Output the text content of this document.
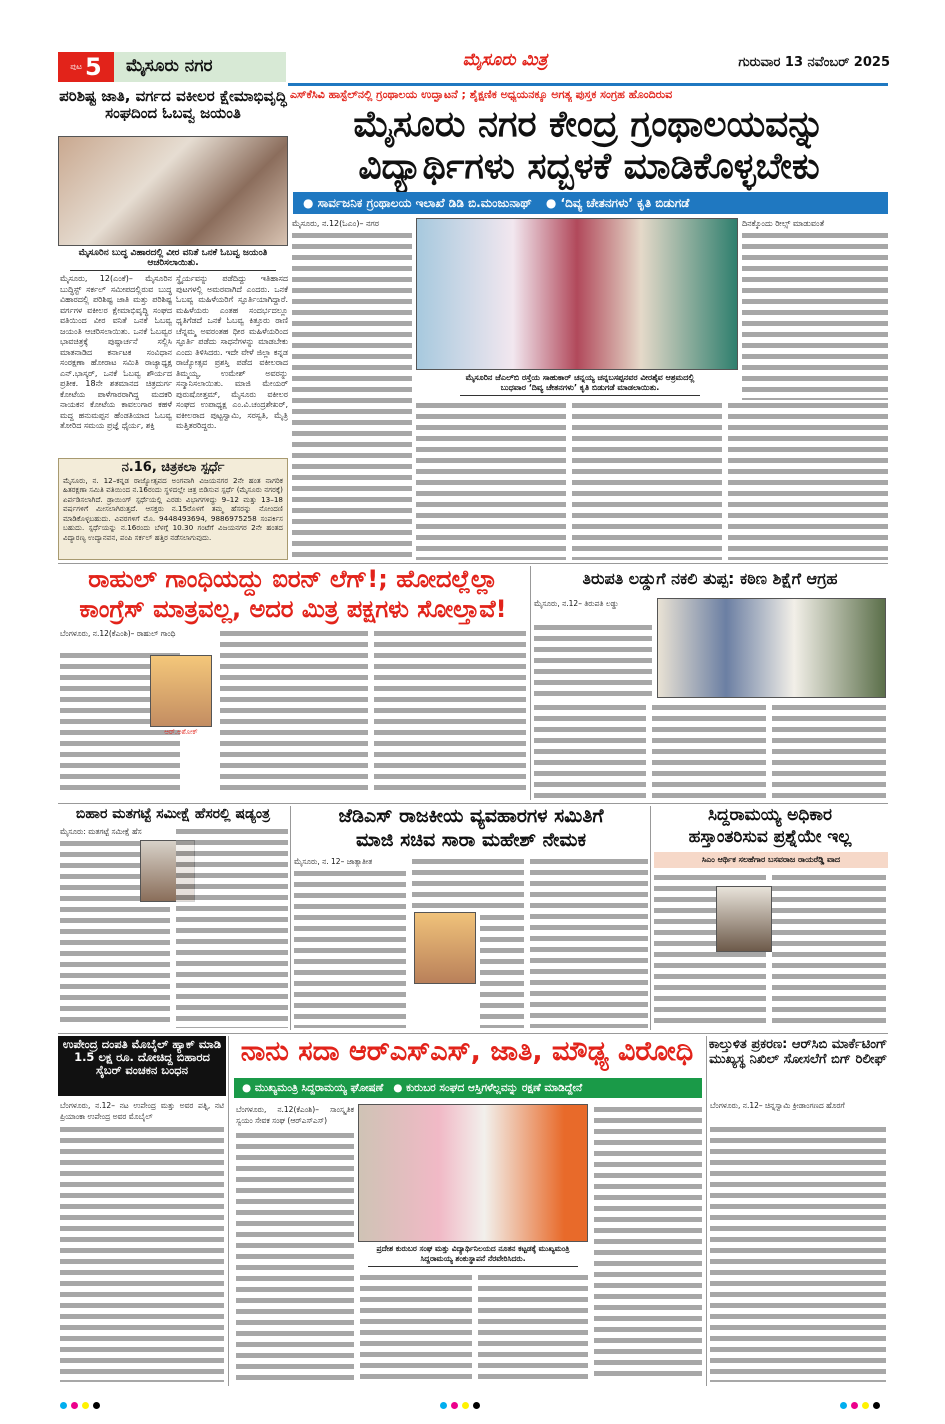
ಪುಟ 5	ಮೈಸೂರು ನಗರ	ಮೈಸೂರು ಮಿತ್ರ	ಗುರುವಾರ 13 ನವೆಂಬರ್ 2025
ಪರಿಶಿಷ್ಟ ಜಾತಿ, ವರ್ಗದ ವಕೀಲರ ಕ್ಷೇಮಾಭಿವೃದ್ಧಿ ಸಂಘದಿಂದ ಓಬವ್ವ ಜಯಂತಿ
ಮೈಸೂರಿನ ಬುದ್ಧ ವಿಹಾರದಲ್ಲಿ ವೀರ ವನಿತೆ ಒನಕೆ ಓಬವ್ವ ಜಯಂತಿ ಆಚರಿಸಲಾಯಿತು.
ಮೈಸೂರು, 12(ಎಂಕೆ)– ಮೈಸೂರಿನ ಬುದ್ಧಿಸ್ಟ್ ಸರ್ಕಲ್ ಸಮೀಪದಲ್ಲಿರುವ ಬುದ್ಧ ವಿಹಾರದಲ್ಲಿ ಪರಿಶಿಷ್ಟ ಜಾತಿ ಮತ್ತು ಪರಿಶಿಷ್ಟ ವರ್ಗಗಳ ವಕೀಲರ ಕ್ಷೇಮಾಭಿವೃದ್ಧಿ ಸಂಘದ ವತಿಯಿಂದ ವೀರ ವನಿತೆ ಒನಕೆ ಓಬವ್ವ ಜಯಂತಿ ಆಚರಿಸಲಾಯಿತು. ಒನಕೆ ಓಬವ್ವರ ಭಾವಚಿತ್ರಕ್ಕೆ ಪುಷ್ಪಾರ್ಚನೆ ಸಲ್ಲಿಸಿ ಮಾತನಾಡಿದ ಕರ್ನಾಟಕ ಸಂವಿಧಾನ ಸಂರಕ್ಷಣಾ ಹೋರಾಟ ಸಮಿತಿ ರಾಜ್ಯಾಧ್ಯಕ್ಷ ಎನ್.ಭಾಸ್ಕರ್, ಒನಕೆ ಓಬವ್ವ ಶೌರ್ಯದ ಪ್ರತೀಕ. 18ನೇ ಶತಮಾನದ ಚಿತ್ರದುರ್ಗ ಕೋಟೆಯ ಪಾಳೆಗಾರರಾಗಿದ್ದ ಮದಕರಿ ನಾಯಕನ ಕೋಟೆಯ ಕಾವಲುಗಾರ ಕಹಳೆ ಮದ್ದ ಹನುಮಪ್ಪನ ಹೆಂಡತಿಯಾದ ಓಬವ್ವ ತೋರಿದ ಸಮಯ ಪ್ರಜ್ಞೆ ಧೈರ್ಯ, ಶಕ್ತಿ
ಸ್ಥೈರ್ಯವನ್ನು ಪಡೆದಿದ್ದು ಇತಿಹಾಸದ ಪುಟಗಳಲ್ಲಿ ಅಮರವಾಗಿದೆ ಎಂದರು. ಒನಕೆ ಓಬವ್ವ ಮಹಿಳೆಯರಿಗೆ ಸ್ಫೂರ್ತಿಯಾಗಿದ್ದಾರೆ. ಮಹಿಳೆಯರು ಎಂತಹ ಸಂದರ್ಭದಲ್ಲೂ ಧೃತಿಗೆಡದೆ ಒನಕೆ ಓಬವ್ವ ಕಿತ್ತೂರು ರಾಣಿ ಚೆನ್ನಮ್ಮ ಅವರಂತಹ ಧೀರ ಮಹಿಳೆಯರಿಂದ ಸ್ಫೂರ್ತಿ ಪಡೆದು ಸಾಧನೆಗಳನ್ನು ಮಾಡಬೇಕು ಎಂದು ತಿಳಿಸಿದರು. ಇದೇ ವೇಳೆ ಜಿಲ್ಲಾ ಕನ್ನಡ ರಾಜ್ಯೋತ್ಸವ ಪ್ರಶಸ್ತಿ ಪಡೆದ ವಕೀಲರಾದ ತಿಮ್ಮಯ್ಯ, ಉಮೇಶ್ ಅವರನ್ನು ಸನ್ಮಾನಿಸಲಾಯಿತು. ಮಾಜಿ ಮೇಯರ್ ಪುರುಷೋತ್ತಮ್, ಮೈಸೂರು ವಕೀಲರ ಸಂಘದ ಉಪಾಧ್ಯಕ್ಷ ಎಂ.ವಿ.ಚಂದ್ರಶೇಖರ್, ವಕೀಲರಾದ ಪುಟ್ಟಸ್ವಾಮಿ, ಸರಸ್ವತಿ, ಮೈತ್ರಿ ಮತ್ತಿತರರಿದ್ದರು.
ನ.16, ಚಿತ್ರಕಲಾ ಸ್ಪರ್ಧೆ
ಮೈಸೂರು, ನ. 12–ಕನ್ನಡ ರಾಜ್ಯೋತ್ಸವದ ಅಂಗವಾಗಿ ವಿಜಯನಗರ 2ನೇ ಹಂತ ನಾಗರಿಕ ಹಿತರಕ್ಷಣಾ ಸಮಿತಿ ವತಿಯಿಂದ ನ.16ರಂದು ಸ್ಥಳದಲ್ಲೇ ಚಿತ್ರ ಬಿಡಿಸುವ ಸ್ಪರ್ಧೆ (ಮೈಸೂರು ನಗರಕ್ಕೆ) ಏರ್ಪಡಿಸಲಾಗಿದೆ. ಡ್ರಾಯಿಂಗ್ ಸ್ಪರ್ಧೆಯಲ್ಲಿ ಎರಡು ವಿಭಾಗಗಳಿದ್ದು 9–12 ಮತ್ತು 13–18 ವರ್ಷಗಳಿಗೆ ಮೀಸಲಾಗಿರುತ್ತದೆ. ಆಸಕ್ತರು ನ.15ರೊಳಗೆ ತಮ್ಮ ಹೆಸರನ್ನು ನೋಂದಣಿ ಮಾಡಿಕೊಳ್ಳಬಹುದು. ವಿವರಗಳಿಗೆ ಮೊ. 9448493694, 9886975258 ಸಂಪರ್ಕಿಸ ಬಹುದು. ಸ್ಪರ್ಧೆಯನ್ನು ನ.16ರಂದು ಬೆಳಗ್ಗೆ 10.30 ಗಂಟೆಗೆ ವಿಜಯನಗರ 2ನೇ ಹಂತದ ವಿದ್ಯಾರಣ್ಯ ಉದ್ಯಾನವನ, ಪಂಪಿ ಸರ್ಕಲ್ ಹತ್ತಿರ ನಡೆಸಲಾಗುವುದು.
ಎಸ್‌ಕೆಸಿವಿ ಹಾಸ್ಟೆಲ್‌ನಲ್ಲಿ ಗ್ರಂಥಾಲಯ ಉದ್ಘಾಟನೆ ; ಶೈಕ್ಷಣಿಕ ಅಧ್ಯಯನಕ್ಕೂ ಅಗತ್ಯ ಪುಸ್ತಕ ಸಂಗ್ರಹ ಹೊಂದಿರುವ
ಮೈಸೂರು ನಗರ ಕೇಂದ್ರ ಗ್ರಂಥಾಲಯವನ್ನು
ವಿದ್ಯಾರ್ಥಿಗಳು ಸದ್ಬಳಕೆ ಮಾಡಿಕೊಳ್ಳಬೇಕು
● ಸಾರ್ವಜನಿಕ ಗ್ರಂಥಾಲಯ ಇಲಾಖೆ ಡಿಡಿ ಬಿ.ಮಂಜುನಾಥ್ ● ‘ದಿವ್ಯ ಚೇತನಗಳು’ ಕೃತಿ ಬಿಡುಗಡೆ
ಮೈಸೂರು, ನ.12(ಓಎಂ)– ನಗರ
ಮೈಸೂರಿನ ಜೆಎಲ್‌ಬಿ ರಸ್ತೆಯ ಸಾಹುಕಾರ್ ಚನ್ನಯ್ಯ ಚನ್ನಬಸಪ್ಪನವರ ವೀರಶೈವ ಆಶ್ರಮದಲ್ಲಿ ಬುಧವಾರ ‘ದಿವ್ಯ ಚೇತನಗಳು’ ಕೃತಿ ಬಿಡುಗಡೆ ಮಾಡಲಾಯಿತು.
ದಿನಕ್ಕೊಂದು ರೀಲ್ಸ್ ಮಾಡುವಂತೆ
ರಾಹುಲ್ ಗಾಂಧಿಯದ್ದು ಐರನ್ ಲೆಗ್!; ಹೋದಲ್ಲೆಲ್ಲಾ
ಕಾಂಗ್ರೆಸ್ ಮಾತ್ರವಲ್ಲ, ಅದರ ಮಿತ್ರ ಪಕ್ಷಗಳು ಸೋಲ್ತಾವೆ!
ಬೆಂಗಳೂರು, ನ.12(ಕೆಎಂಶಿ)– ರಾಹುಲ್ ಗಾಂಧಿ
ಆರ್.ಅಶೋಕ್
ತಿರುಪತಿ ಲಡ್ಡುಗೆ ನಕಲಿ ತುಪ್ಪ: ಕಠಿಣ ಶಿಕ್ಷೆಗೆ ಆಗ್ರಹ
ಮೈಸೂರು, ನ.12– ತಿರುಪತಿ ಲಡ್ಡು
ಬಿಹಾರ ಮತಗಟ್ಟೆ ಸಮೀಕ್ಷೆ ಹೆಸರಲ್ಲಿ ಷಡ್ಯಂತ್ರ
ಮೈಸೂರು: ಮತಗಟ್ಟೆ ಸಮೀಕ್ಷೆ ಹೆಸ
ಜೆಡಿಎಸ್ ರಾಜಕೀಯ ವ್ಯವಹಾರಗಳ ಸಮಿತಿಗೆ
ಮಾಜಿ ಸಚಿವ ಸಾರಾ ಮಹೇಶ್ ನೇಮಕ
ಮೈಸೂರು, ನ. 12– ಜಾತ್ಯಾತೀತ
ಸಿದ್ದರಾಮಯ್ಯ ಅಧಿಕಾರ
ಹಸ್ತಾಂತರಿಸುವ ಪ್ರಶ್ನೆಯೇ ಇಲ್ಲ
ಸಿಎಂ ಆರ್ಥಿಕ ಸಲಹೆಗಾರ ಬಸವರಾಜ ರಾಯರೆಡ್ಡಿ ವಾದ
ಉಪೇಂದ್ರ ದಂಪತಿ ಮೊಬೈಲ್ ಹ್ಯಾಕ್ ಮಾಡಿ 1.5 ಲಕ್ಷ ರೂ. ದೋಚಿದ್ದ ಬಿಹಾರದ ಸೈಬರ್ ವಂಚಕನ ಬಂಧನ
ಬೆಂಗಳೂರು, ನ.12– ನಟ ಉಪೇಂದ್ರ ಮತ್ತು ಅವರ ಪತ್ನಿ, ನಟಿ ಪ್ರಿಯಾಂಕಾ ಉಪೇಂದ್ರ ಅವರ ಮೊಬೈಲ್
ನಾನು ಸದಾ ಆರ್‌ಎಸ್‌ಎಸ್, ಜಾತಿ, ಮೌಢ್ಯ ವಿರೋಧಿ
● ಮುಖ್ಯಮಂತ್ರಿ ಸಿದ್ದರಾಮಯ್ಯ ಘೋಷಣೆ ● ಕುರುಬರ ಸಂಘದ ಆಸ್ತಿಗಳೆಲ್ಲವನ್ನು ರಕ್ಷಣೆ ಮಾಡಿದ್ದೇನೆ
ಬೆಂಗಳೂರು, ನ.12(ಕೆಎಂಶಿ)– ಸಾಂಸ್ಕೃತಿಕ ಸ್ವಯಂ ಸೇವಕ ಸಂಘ (ಆರ್‌ಎಸ್‌ಎಸ್)
ಪ್ರದೇಶ ಕುರುಬರ ಸಂಘ ಮತ್ತು ವಿದ್ಯಾರ್ಥಿನಿಲಯದ ನೂತನ ಕಟ್ಟಡಕ್ಕೆ ಮುಖ್ಯಮಂತ್ರಿ ಸಿದ್ದರಾಮಯ್ಯ ಶಂಕುಸ್ಥಾಪನೆ ನೆರವೇರಿಸಿದರು.
ಕಾಲ್ತುಳಿತ ಪ್ರಕರಣ: ಆರ್‌ಸಿಬಿ ಮಾರ್ಕೆಟಿಂಗ್ ಮುಖ್ಯಸ್ಥ ನಿಖಿಲ್ ಸೋಸಲೆಗೆ ಬಿಗ್ ರಿಲೀಫ್
ಬೆಂಗಳೂರು, ನ.12– ಚಿನ್ನಸ್ವಾಮಿ ಕ್ರೀಡಾಂಗಣದ ಹೊರಗೆ
